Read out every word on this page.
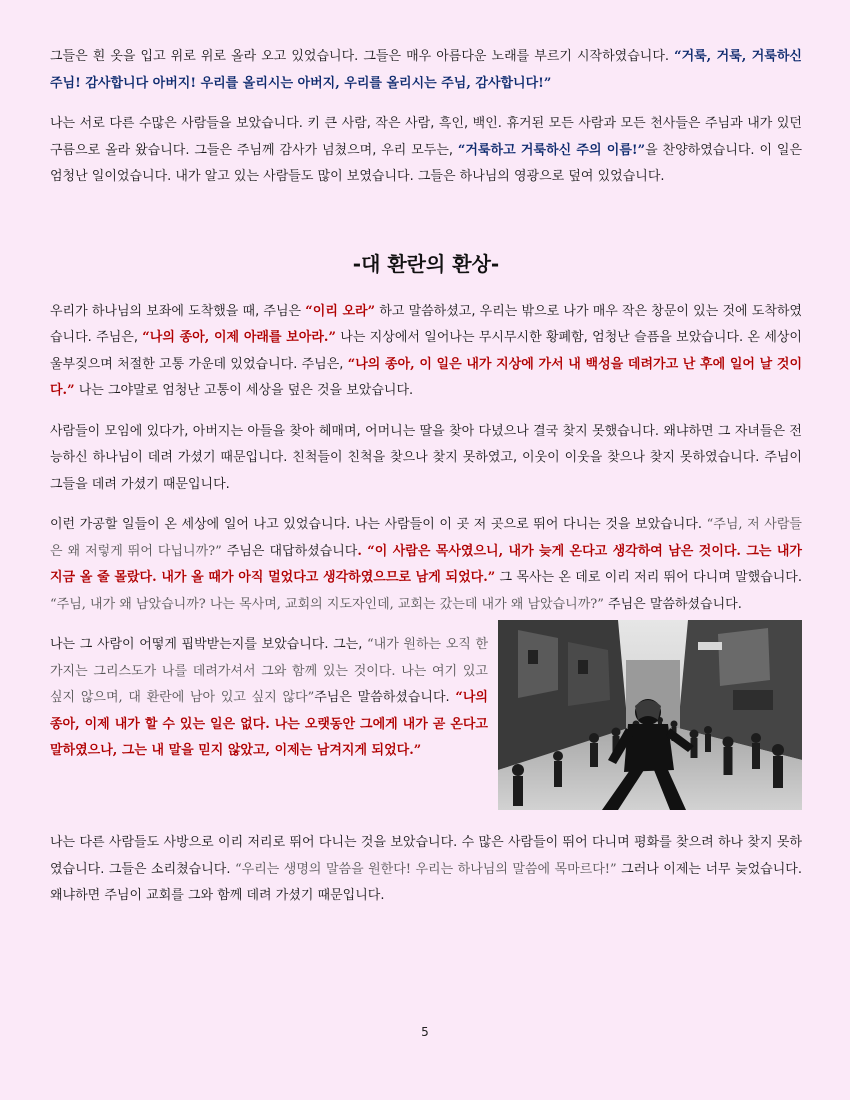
그들은 흰 옷을 입고 위로 위로 올라 오고 있었습니다. 그들은 매우 아름다운 노래를 부르기 시작하였습니다. “거룩, 거룩, 거룩하신 주님! 감사합니다 아버지! 우리를 올리시는 아버지, 우리를 올리시는 주님, 감사합니다!”

나는 서로 다른 수많은 사람들을 보았습니다. 키 큰 사람, 작은 사람, 흑인, 백인. 휴거된 모든 사람과 모든 천사들은 주님과 내가 있던 구름으로 올라 왔습니다. 그들은 주님께 감사가 넘쳤으며, 우리 모두는, “거룩하고 거룩하신 주의 이름!”을 찬양하였습니다. 이 일은 엄청난 일이었습니다. 내가 알고 있는 사람들도 많이 보였습니다. 그들은 하나님의 영광으로 덮여 있었습니다.

-대 환란의 환상-

우리가 하나님의 보좌에 도착했을 때, 주님은 “이리 오라” 하고 말씀하셨고, 우리는 밖으로 나가 매우 작은 창문이 있는 것에 도착하였습니다. 주님은, “나의 종아, 이제 아래를 보아라.” 나는 지상에서 일어나는 무시무시한 황폐함, 엄청난 슬픔을 보았습니다. 온 세상이 울부짖으며 처절한 고통 가운데 있었습니다. 주님은, “나의 종아, 이 일은 내가 지상에 가서 내 백성을 데려가고 난 후에 일어 날 것이다.” 나는 그야말로 엄청난 고통이 세상을 덮은 것을 보았습니다.

사람들이 모임에 있다가, 아버지는 아들을 찾아 헤매며, 어머니는 딸을 찾아 다녔으나 결국 찾지 못했습니다. 왜냐하면 그 자녀들은 전능하신 하나님이 데려 가셨기 때문입니다. 친척들이 친척을 찾으나 찾지 못하였고, 이웃이 이웃을 찾으나 찾지 못하였습니다. 주님이 그들을 데려 가셨기 때문입니다.

이런 가공할 일들이 온 세상에 일어 나고 있었습니다. 나는 사람들이 이 곳 저 곳으로 뛰어 다니는 것을 보았습니다. “주님, 저 사람들은 왜 저렇게 뛰어 다닙니까?” 주님은 대답하셨습니다. “이 사람은 목사였으니, 내가 늦게 온다고 생각하여 남은 것이다. 그는 내가 지금 올 줄 몰랐다. 내가 올 때가 아직 멀었다고 생각하였으므로 남게 되었다.” 그 목사는 온 데로 이리 저리 뛰어 다니며 말했습니다. “주님, 내가 왜 남았습니까? 나는 목사며, 교회의 지도자인데, 교회는 갔는데 내가 왜 남았습니까?” 주님은 말씀하셨습니다.

나는 그 사람이 어떻게 핍박받는지를 보았습니다. 그는, “내가 원하는 오직 한 가지는 그리스도가 나를 데려가셔서 그와 함께 있는 것이다. 나는 여기 있고 싶지 않으며, 대 환란에 남아 있고 싶지 않다”주님은 말씀하셨습니다. “나의 종아, 이제 내가 할 수 있는 일은 없다. 나는 오랫동안 그에게 내가 곧 온다고 말하였으나, 그는 내 말을 믿지 않았고, 이제는 남겨지게 되었다.”

나는 다른 사람들도 사방으로 이리 저리로 뛰어 다니는 것을 보았습니다. 수 많은 사람들이 뛰어 다니며 평화를 찾으려 하나 찾지 못하였습니다. 그들은 소리쳤습니다. “우리는 생명의 말씀을 원한다! 우리는 하나님의 말씀에 목마르다!” 그러나 이제는 너무 늦었습니다. 왜냐하면 주님이 교회를 그와 함께 데려 가셨기 때문입니다.

5
